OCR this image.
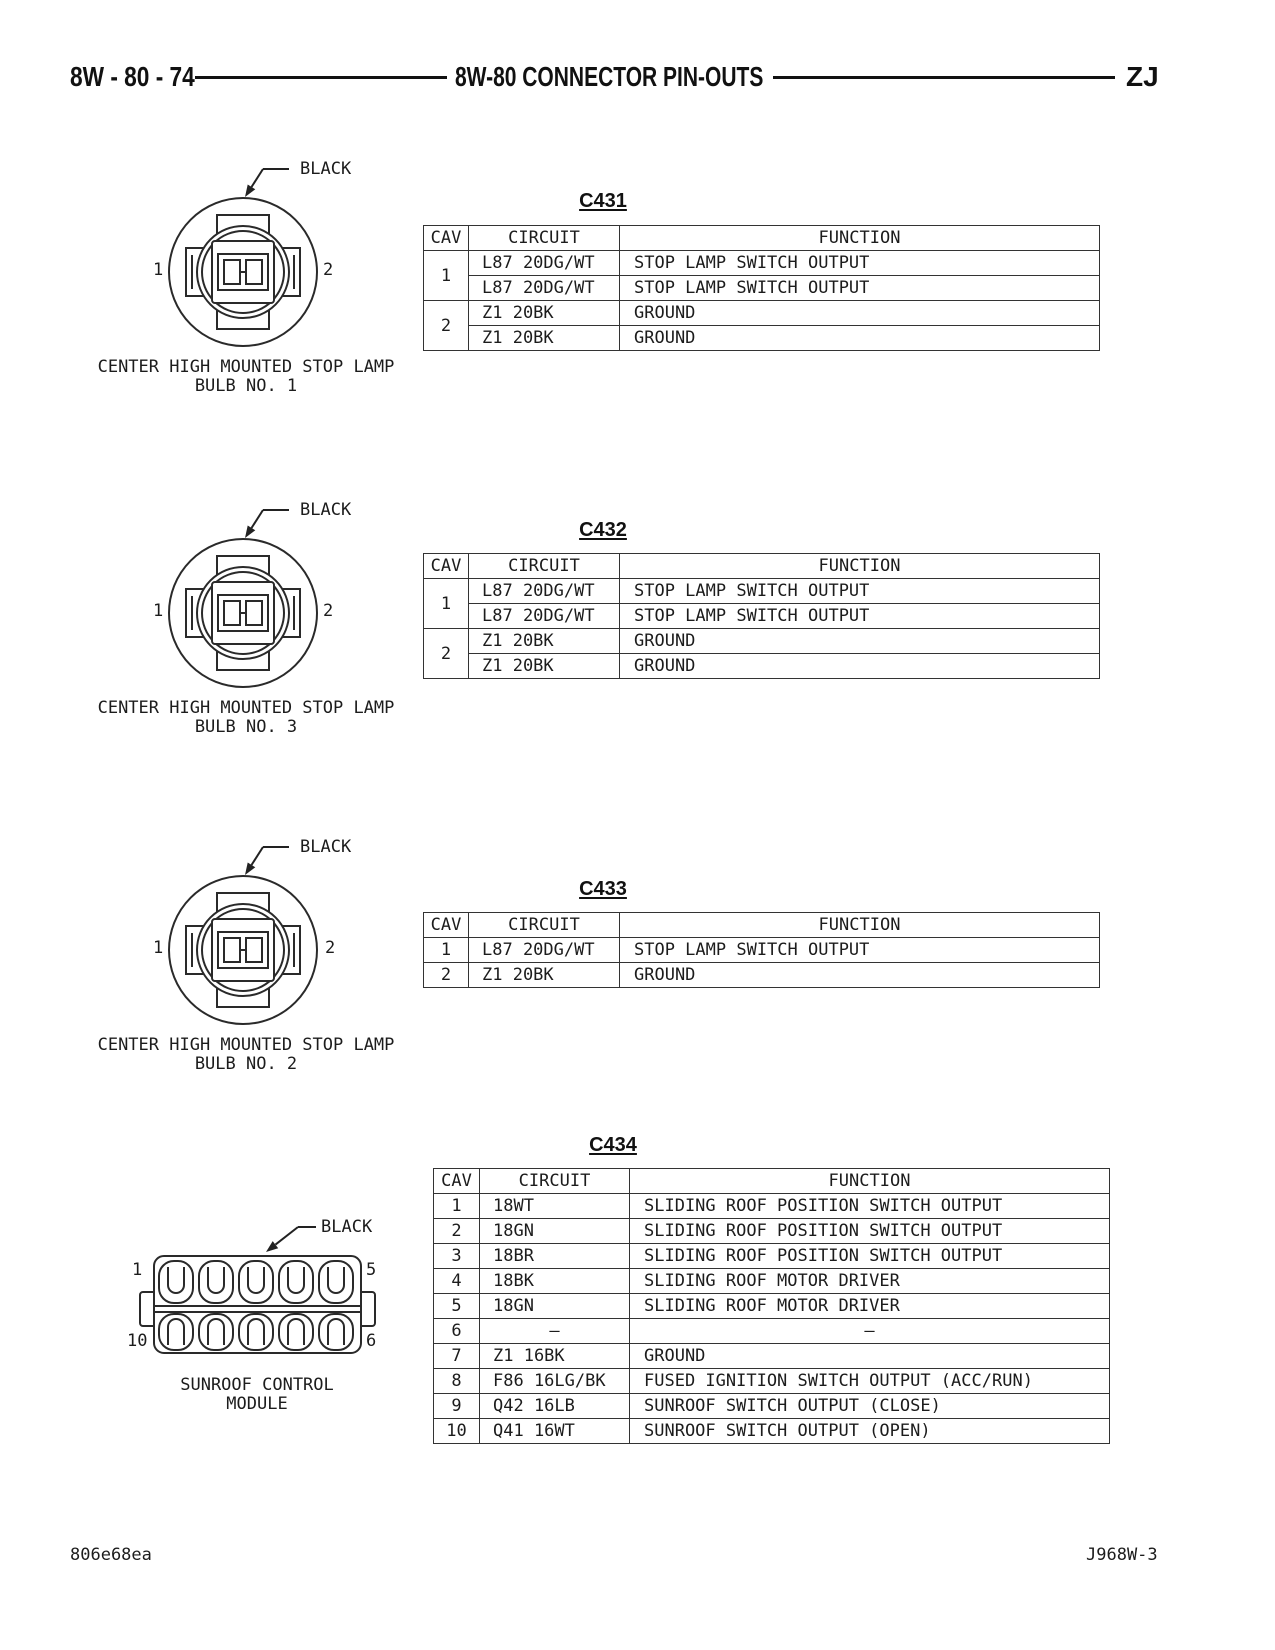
8W - 80 - 74	8W-80 CONNECTOR PIN-OUTS	ZJ
BLACK
1	2
CENTER HIGH MOUNTED STOP LAMP
BULB NO. 1
C431
CAV	CIRCUIT	FUNCTION
1	L87 20DG/WT	STOP LAMP SWITCH OUTPUT
	L87 20DG/WT	STOP LAMP SWITCH OUTPUT
2	Z1 20BK	GROUND
	Z1 20BK	GROUND
BLACK
1	2
CENTER HIGH MOUNTED STOP LAMP
BULB NO. 3
C432
CAV	CIRCUIT	FUNCTION
1	L87 20DG/WT	STOP LAMP SWITCH OUTPUT
	L87 20DG/WT	STOP LAMP SWITCH OUTPUT
2	Z1 20BK	GROUND
	Z1 20BK	GROUND
BLACK
1	2
CENTER HIGH MOUNTED STOP LAMP
BULB NO. 2
C433
CAV	CIRCUIT	FUNCTION
1	L87 20DG/WT	STOP LAMP SWITCH OUTPUT
2	Z1 20BK	GROUND
C434
BLACK
1	5
10	6
SUNROOF CONTROL
MODULE
CAV	CIRCUIT	FUNCTION
1	18WT	SLIDING ROOF POSITION SWITCH OUTPUT
2	18GN	SLIDING ROOF POSITION SWITCH OUTPUT
3	18BR	SLIDING ROOF POSITION SWITCH OUTPUT
4	18BK	SLIDING ROOF MOTOR DRIVER
5	18GN	SLIDING ROOF MOTOR DRIVER
6	–	–
7	Z1 16BK	GROUND
8	F86 16LG/BK	FUSED IGNITION SWITCH OUTPUT (ACC/RUN)
9	Q42 16LB	SUNROOF SWITCH OUTPUT (CLOSE)
10	Q41 16WT	SUNROOF SWITCH OUTPUT (OPEN)
806e68ea	J968W-3
